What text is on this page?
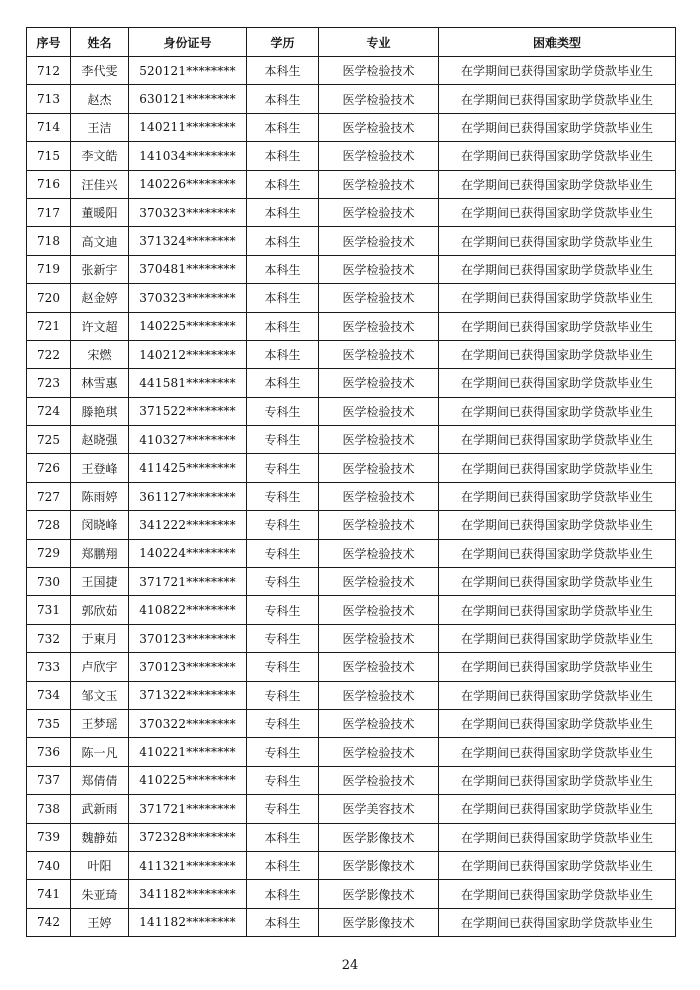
序号	姓名	身份证号	学历	专业	困难类型
712	李代雯	520121********	本科生	医学检验技术	在学期间已获得国家助学贷款毕业生
713	赵杰	630121********	本科生	医学检验技术	在学期间已获得国家助学贷款毕业生
714	王洁	140211********	本科生	医学检验技术	在学期间已获得国家助学贷款毕业生
715	李文皓	141034********	本科生	医学检验技术	在学期间已获得国家助学贷款毕业生
716	汪佳兴	140226********	本科生	医学检验技术	在学期间已获得国家助学贷款毕业生
717	董暖阳	370323********	本科生	医学检验技术	在学期间已获得国家助学贷款毕业生
718	高文迪	371324********	本科生	医学检验技术	在学期间已获得国家助学贷款毕业生
719	张新宇	370481********	本科生	医学检验技术	在学期间已获得国家助学贷款毕业生
720	赵金婷	370323********	本科生	医学检验技术	在学期间已获得国家助学贷款毕业生
721	许文超	140225********	本科生	医学检验技术	在学期间已获得国家助学贷款毕业生
722	宋燃	140212********	本科生	医学检验技术	在学期间已获得国家助学贷款毕业生
723	林雪惠	441581********	本科生	医学检验技术	在学期间已获得国家助学贷款毕业生
724	滕艳琪	371522********	专科生	医学检验技术	在学期间已获得国家助学贷款毕业生
725	赵晓强	410327********	专科生	医学检验技术	在学期间已获得国家助学贷款毕业生
726	王登峰	411425********	专科生	医学检验技术	在学期间已获得国家助学贷款毕业生
727	陈雨婷	361127********	专科生	医学检验技术	在学期间已获得国家助学贷款毕业生
728	闵晓峰	341222********	专科生	医学检验技术	在学期间已获得国家助学贷款毕业生
729	郑鹏翔	140224********	专科生	医学检验技术	在学期间已获得国家助学贷款毕业生
730	王国捷	371721********	专科生	医学检验技术	在学期间已获得国家助学贷款毕业生
731	郭欣茹	410822********	专科生	医学检验技术	在学期间已获得国家助学贷款毕业生
732	于東月	370123********	专科生	医学检验技术	在学期间已获得国家助学贷款毕业生
733	卢欣宇	370123********	专科生	医学检验技术	在学期间已获得国家助学贷款毕业生
734	邹文玉	371322********	专科生	医学检验技术	在学期间已获得国家助学贷款毕业生
735	王梦瑶	370322********	专科生	医学检验技术	在学期间已获得国家助学贷款毕业生
736	陈一凡	410221********	专科生	医学检验技术	在学期间已获得国家助学贷款毕业生
737	郑倩倩	410225********	专科生	医学检验技术	在学期间已获得国家助学贷款毕业生
738	武新雨	371721********	专科生	医学美容技术	在学期间已获得国家助学贷款毕业生
739	魏静茹	372328********	本科生	医学影像技术	在学期间已获得国家助学贷款毕业生
740	叶阳	411321********	本科生	医学影像技术	在学期间已获得国家助学贷款毕业生
741	朱亚琦	341182********	本科生	医学影像技术	在学期间已获得国家助学贷款毕业生
742	王婷	141182********	本科生	医学影像技术	在学期间已获得国家助学贷款毕业生
24
